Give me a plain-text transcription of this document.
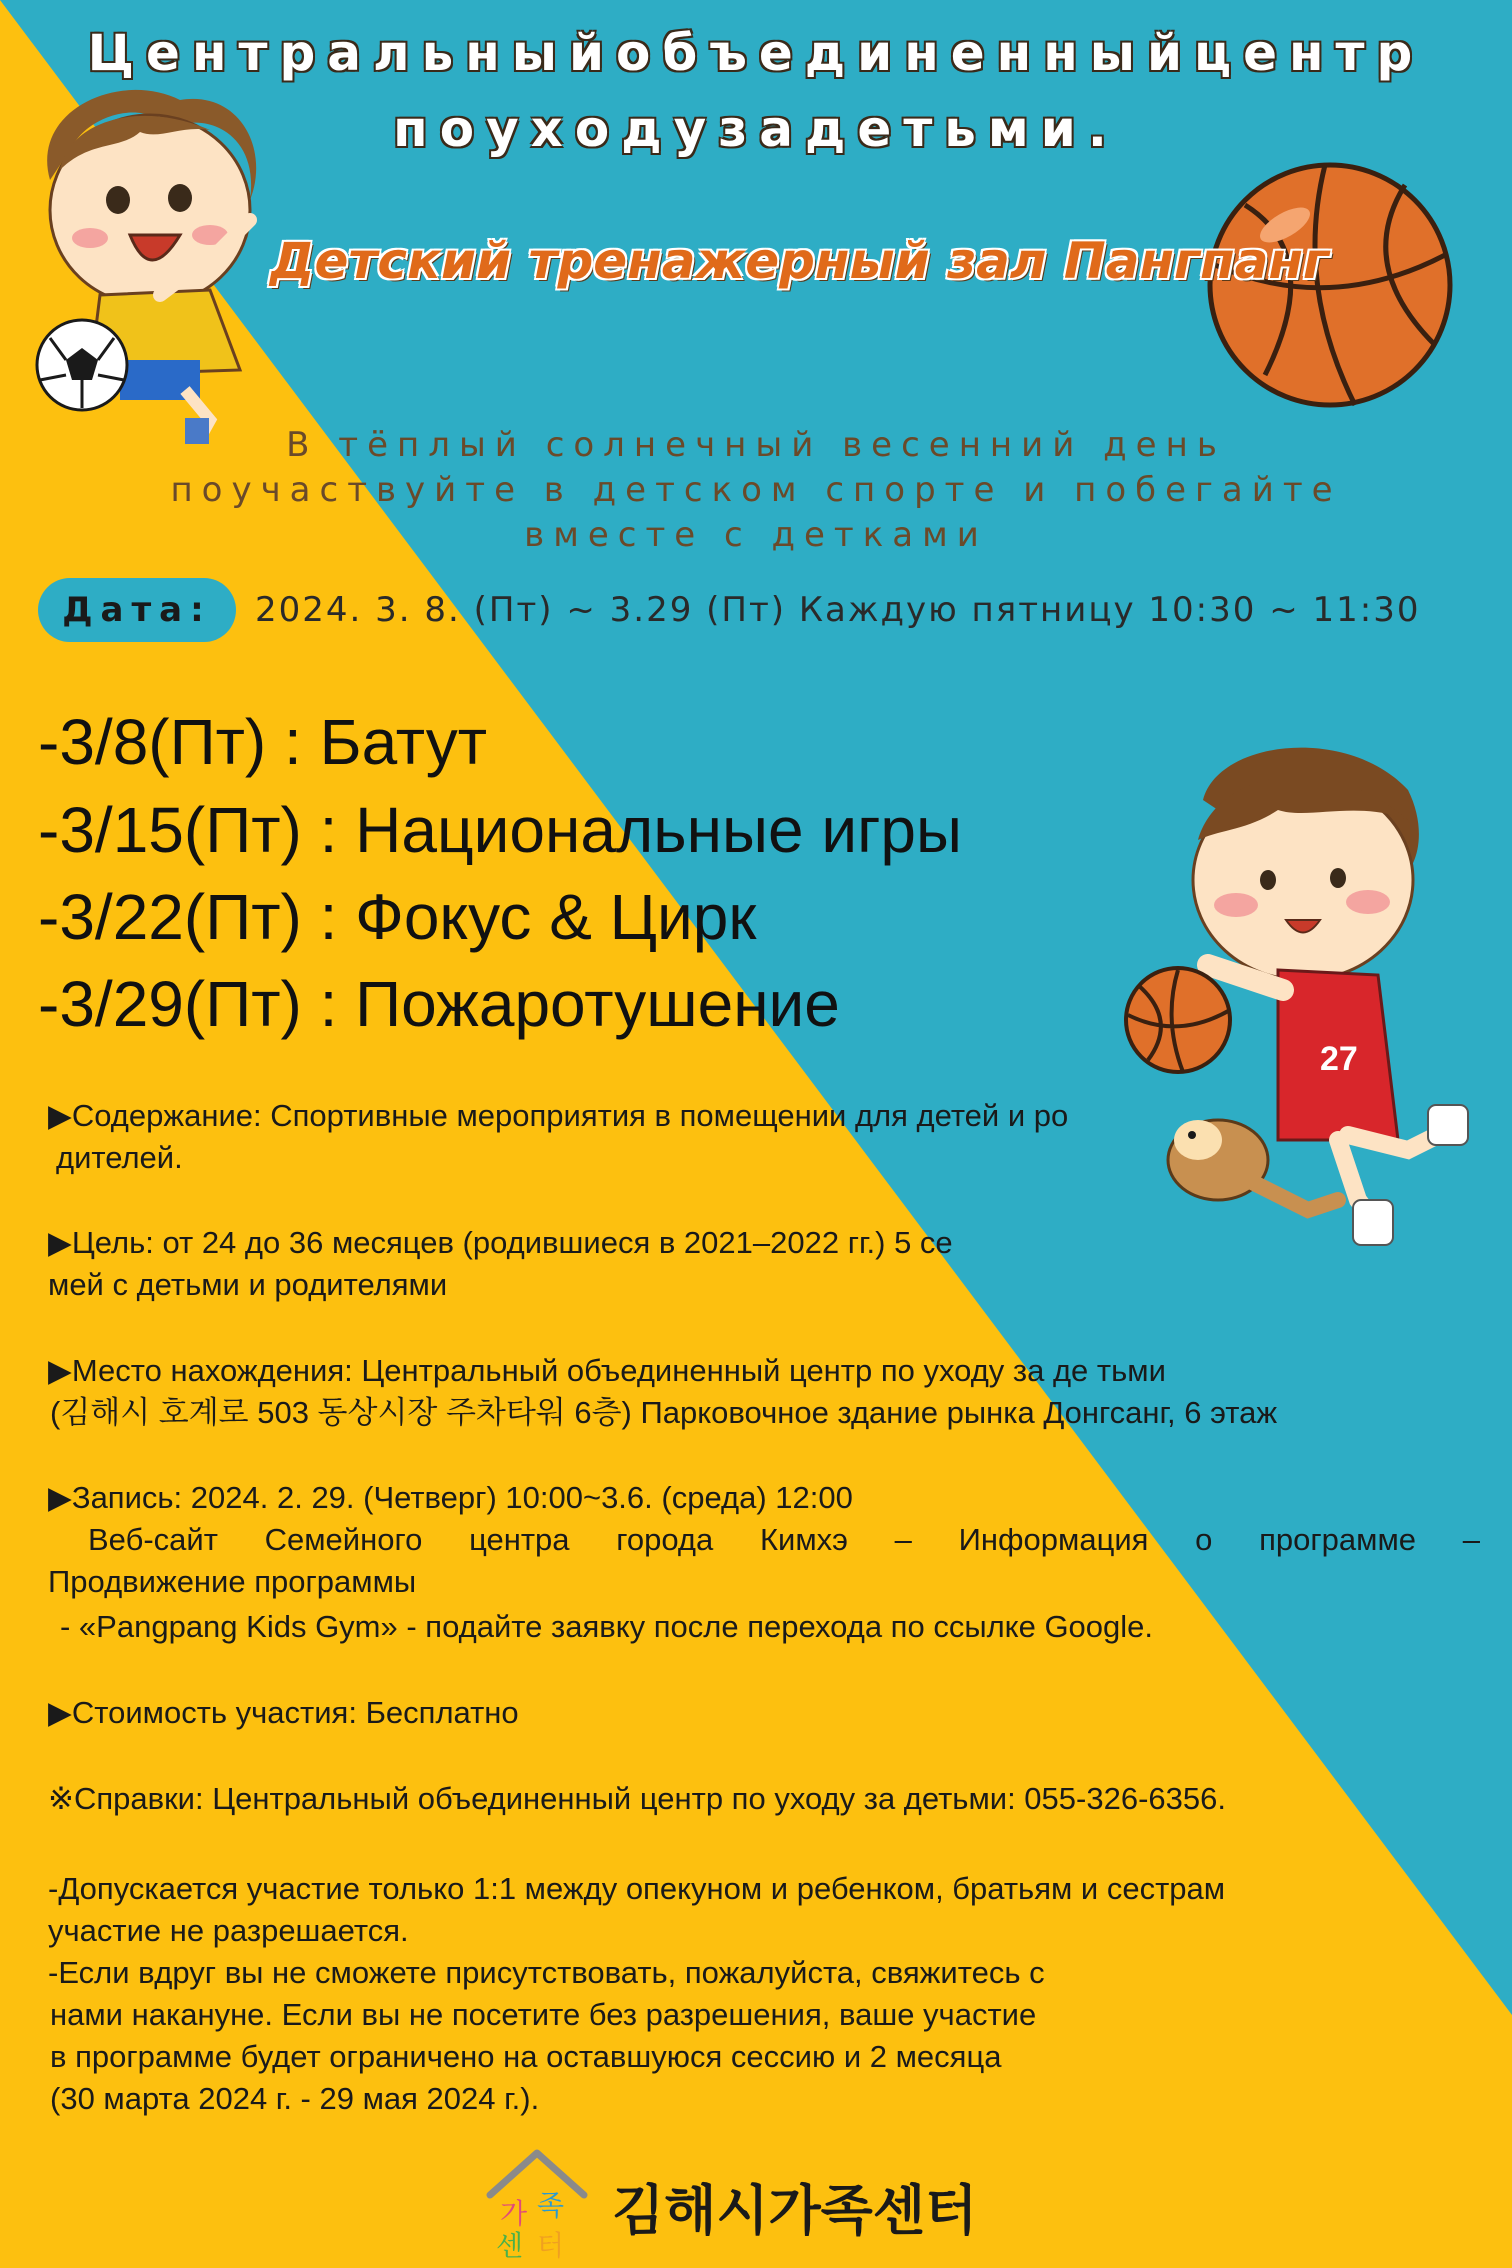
Центральныйобъединенныйцентр
поуходузадетьми.
Детский тренажерный зал Пангпанг
В тёплый солнечный весенний день
поучаствуйте в детском спорте и побегайте
вместе с детками
Дата:	2024. 3. 8. (Пт) ~ 3.29 (Пт) Каждую пятницу 10:30 ~ 11:30
-3/8(Пт) : Батут
-3/15(Пт) : Национальные игры
-3/22(Пт) : Фокус & Цирк
-3/29(Пт) : Пожаротушение
27
▶Содержание: Спортивные мероприятия в помещении для детей и ро
дителей.
▶Цель: от 24 до 36 месяцев (родившиеся в 2021–2022 гг.) 5 се
мей с детьми и родителями
▶Место нахождения: Центральный объединенный центр по уходу за де тьми
(김해시 호계로 503 동상시장 주차타워 6층) Парковочное здание рынка Донгсанг, 6 этаж
▶Запись: 2024. 2. 29. (Четверг) 10:00~3.6. (среда) 12:00
Веб-сайт Семейного центра города Кимхэ – Информация о программе –
Продвижение программы
- «Pangpang Kids Gym» - подайте заявку после перехода по ссылке Google.
▶Стоимость участия: Бесплатно
※Справки: Центральный объединенный центр по уходу за детьми: 055-326-6356.
-Допускается участие только 1:1 между опекуном и ребенком, братьям и сестрам
участие не разрешается.
-Если вдруг вы не сможете присутствовать, пожалуйста, свяжитесь с
нами накануне. Если вы не посетите без разрешения, ваше участие
в программе будет ограничено на оставшуюся сессию и 2 месяца
(30 марта 2024 г. - 29 мая 2024 г.).
가 족
센 터
김해시가족센터
